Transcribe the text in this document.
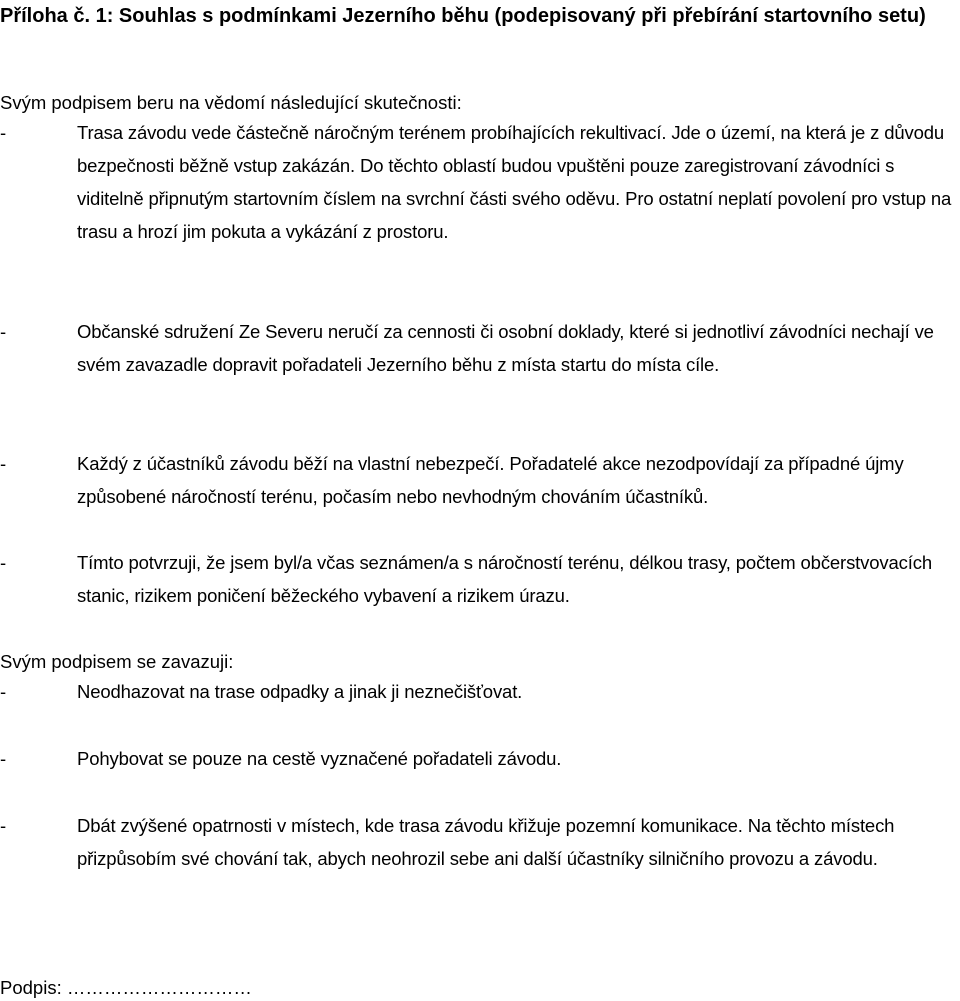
Příloha č. 1: Souhlas s podmínkami Jezerního běhu (podepisovaný při přebírání startovního setu)
Svým podpisem beru na vědomí následující skutečnosti:
-	Trasa závodu vede částečně náročným terénem probíhajících rekultivací. Jde o území, na která je z důvodu bezpečnosti běžně vstup zakázán. Do těchto oblastí budou vpuštěni pouze zaregistrovaní závodníci s viditelně připnutým startovním číslem na svrchní části svého oděvu. Pro ostatní neplatí povolení pro vstup na trasu a hrozí jim pokuta a vykázání z prostoru.
-	Občanské sdružení Ze Severu neručí za cennosti či osobní doklady, které si jednotliví závodníci nechají ve svém zavazadle dopravit pořadateli Jezerního běhu z místa startu do místa cíle.
-	Každý z účastníků závodu běží na vlastní nebezpečí. Pořadatelé akce nezodpovídají za případné újmy způsobené náročností terénu, počasím nebo nevhodným chováním účastníků.
-	Tímto potvrzuji, že jsem byl/a včas seznámen/a s náročností terénu, délkou trasy, počtem občerstvovacích stanic, rizikem poničení běžeckého vybavení a rizikem úrazu.
Svým podpisem se zavazuji:
-	Neodhazovat na trase odpadky a jinak ji neznečišťovat.
-	Pohybovat se pouze na cestě vyznačené pořadateli závodu.
-	Dbát zvýšené opatrnosti v místech, kde trasa závodu křižuje pozemní komunikace. Na těchto místech přizpůsobím své chování tak, abych neohrozil sebe ani další účastníky silničního provozu a závodu.
Podpis: …………………………
